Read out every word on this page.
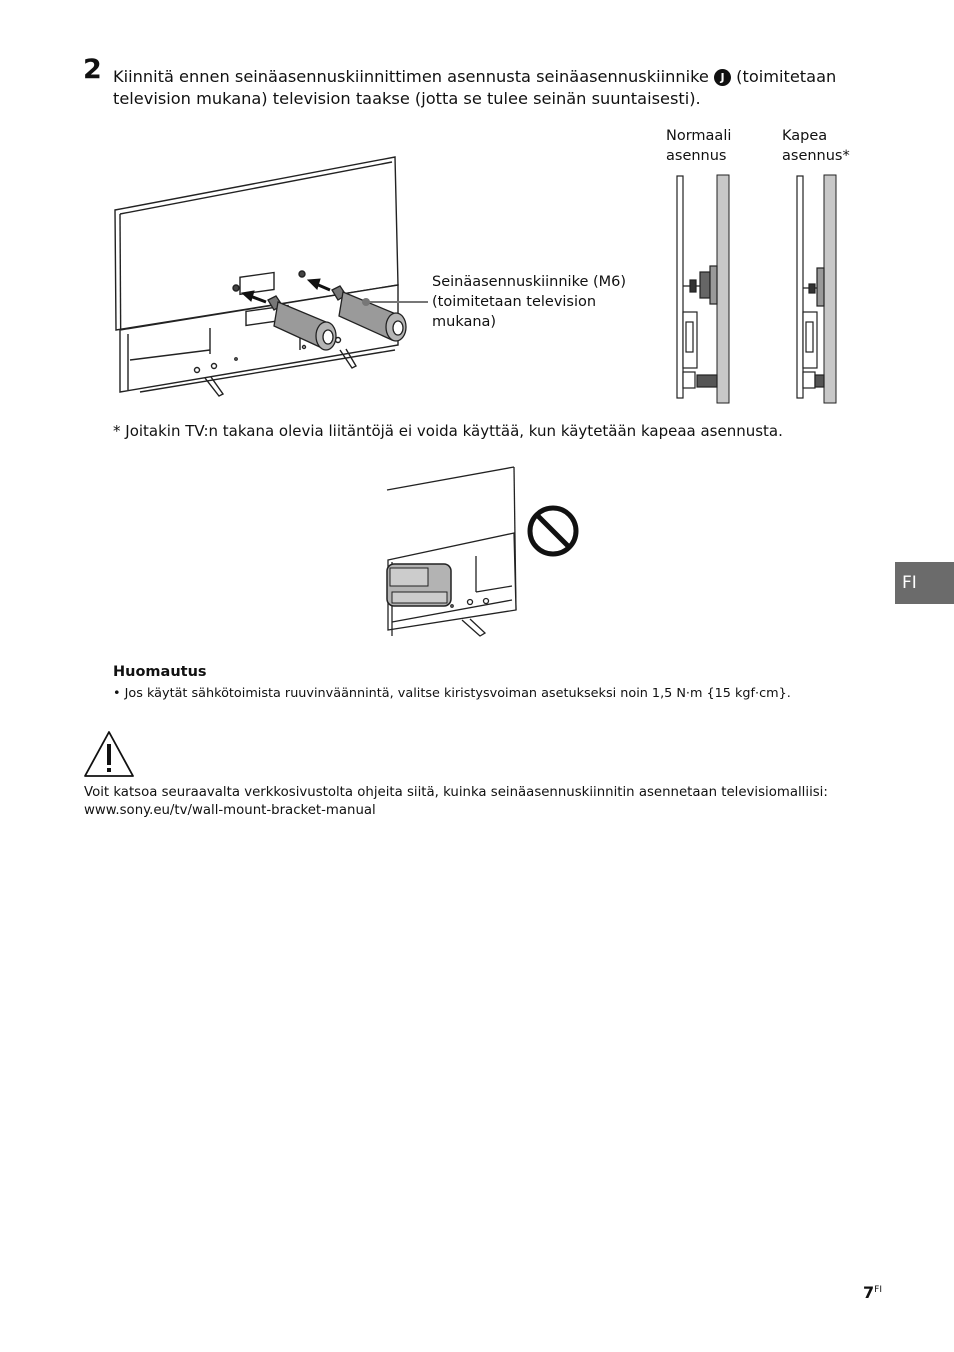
2 Kiinnitä ennen seinäasennuskiinnittimen asennusta seinäasennuskiinnike J (toimitetaan television mukana) television taakse (jotta se tulee seinän suuntaisesti).
Seinäasennuskiinnike (M6)
(toimitetaan television
mukana)
Normaali
asennus
Kapea
asennus*
* Joitakin TV:n takana olevia liitäntöjä ei voida käyttää, kun käytetään kapeaa asennusta.
FI
Huomautus
• Jos käytät sähkötoimista ruuvinväännintä, valitse kiristysvoiman asetukseksi noin 1,5 N·m {15 kgf·cm}.
Voit katsoa seuraavalta verkkosivustolta ohjeita siitä, kuinka seinäasennuskiinnitin asennetaan televisiomalliisi:
www.sony.eu/tv/wall-mount-bracket-manual
$7^{FI}$
